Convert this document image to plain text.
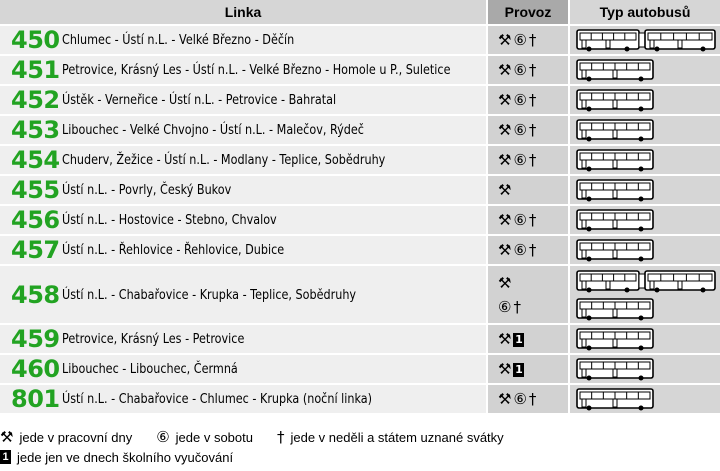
Linka		Provoz	Typ autobusů
450	Chlumec - Ústí n.L. - Velké Březno - Děčín	⚒ ⑥ †	

451	Petrovice, Krásný Les - Ústí n.L. - Velké Březno - Homole u P., Suletice	⚒ ⑥ †	

452	Ústěk - Verneřice - Ústí n.L. - Petrovice - Bahratal	⚒ ⑥ †	

453	Libouchec - Velké Chvojno - Ústí n.L. - Malečov, Rýdeč	⚒ ⑥ †	

454	Chuderv, Žežice - Ústí n.L. - Modlany - Teplice, Sobědruhy	⚒ ⑥ †	

455	Ústí n.L. - Povrly, Český Bukov	⚒	

456	Ústí n.L. - Hostovice - Stebno, Chvalov	⚒ ⑥ †	

457	Ústí n.L. - Řehlovice - Řehlovice, Dubice	⚒ ⑥ †	

458	Ústí n.L. - Chabařovice - Krupka - Teplice, Sobědruhy	⚒
⑥ †

459	Petrovice, Krásný Les - Petrovice	⚒ 1	

460	Libouchec - Libouchec, Čermná	⚒ 1	

801	Ústí n.L. - Chabařovice - Chlumec - Krupka (noční linka)	⚒ ⑥ †	
⚒ jede v pracovní dny ⑥ jede v sobotu † jede v neděli a státem uznané svátky
1 jede jen ve dnech školního vyučování
